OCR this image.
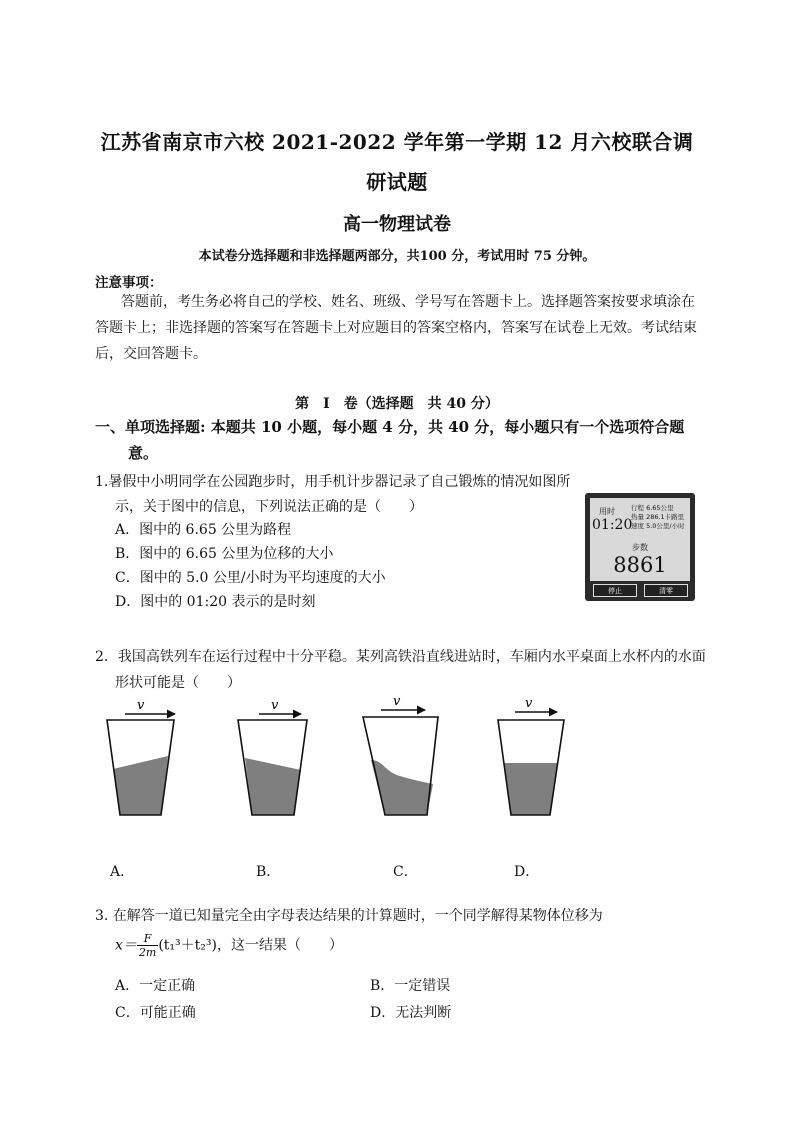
江苏省南京市六校 2021-2022 学年第一学期 12 月六校联合调
研试题
高一物理试卷
本试卷分选择题和非选择题两部分，共100 分，考试用时 75 分钟。
注意事项：
答题前，考生务必将自己的学校、姓名、班级、学号写在答题卡上。选择题答案按要求填涂在
答题卡上；非选择题的答案写在答题卡上对应题目的答案空格内，答案写在试卷上无效。考试结束
后，交回答题卡。
第　I　卷（选择题　共 40 分）
一、单项选择题: 本题共 10 小题，每小题 4 分，共 40 分，每小题只有一个选项符合题
意。
1.暑假中小明同学在公园跑步时，用手机计步器记录了自己锻炼的情况如图所
示，关于图中的信息，下列说法正确的是（　　）
A．图中的 6.65 公里为路程
B．图中的 6.65 公里为位移的大小
C．图中的 5.0 公里/小时为平均速度的大小
D．图中的 01:20 表示的是时刻
用时
01:20
行程 6.65公里
热量 286.1卡路里
速度 5.0公里/小时
步数
8861
停止	清零
2．我国高铁列车在运行过程中十分平稳。某列高铁沿直线进站时，车厢内水平桌面上水杯内的水面
形状可能是（　　）
v	v	v	v
A．	B．	C．	D．
3. 在解答一道已知量完全由字母表达结果的计算题时，一个同学解得某物体位移为
$x= \frac{F}{2m} (t_1^3+t_2^3)$，这一结果（　　）
A．一定正确	B．一定错误
C．可能正确	D．无法判断
